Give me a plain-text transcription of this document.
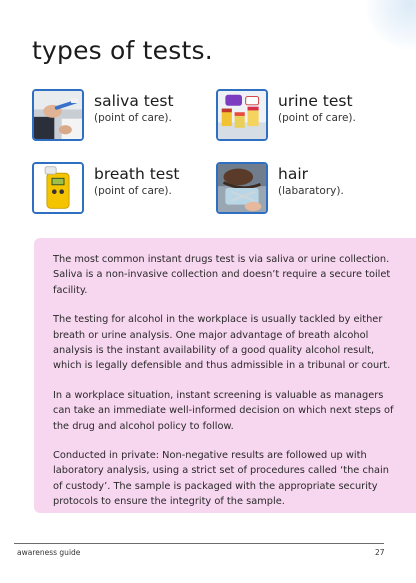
types of tests.
saliva test
(point of care).
urine test
(point of care).
breath test
(point of care).
hair
(labaratory).

The most common instant drugs test is via saliva or urine collection. Saliva is a non-invasive collection and doesn’t require a secure toilet facility.

The testing for alcohol in the workplace is usually tackled by either breath or urine analysis. One major advantage of breath alcohol analysis is the instant availability of a good quality alcohol result, which is legally defensible and thus admissible in a tribunal or court.

In a workplace situation, instant screening is valuable as managers can take an immediate well-informed decision on which next steps of the drug and alcohol policy to follow.

Conducted in private: Non-negative results are followed up with laboratory analysis, using a strict set of procedures called ‘the chain of custody’. The sample is packaged with the appropriate security protocols to ensure the integrity of the sample.

awareness guide	27
